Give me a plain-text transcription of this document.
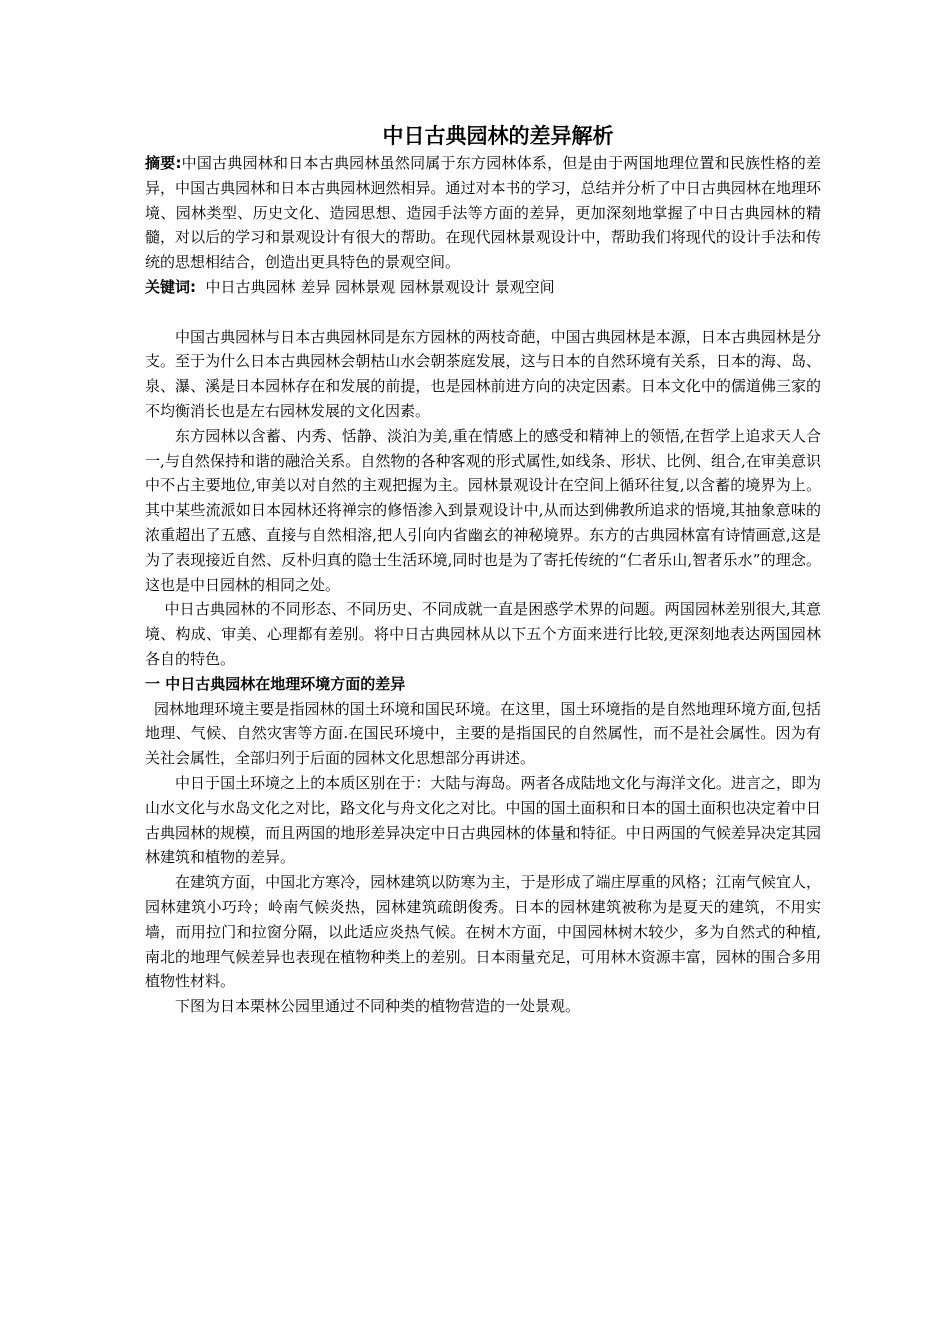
中日古典园林的差异解析

摘要:中国古典园林和日本古典园林虽然同属于东方园林体系，但是由于两国地理位置和民族性格的差异，中国古典园林和日本古典园林迥然相异。通过对本书的学习，总结并分析了中日古典园林在地理环境、园林类型、历史文化、造园思想、造园手法等方面的差异，更加深刻地掌握了中日古典园林的精髓，对以后的学习和景观设计有很大的帮助。在现代园林景观设计中，帮助我们将现代的设计手法和传统的思想相结合，创造出更具特色的景观空间。

关键词: 中日古典园林 差异 园林景观 园林景观设计 景观空间

中国古典园林与日本古典园林同是东方园林的两枝奇葩，中国古典园林是本源，日本古典园林是分支。至于为什么日本古典园林会朝枯山水会朝茶庭发展，这与日本的自然环境有关系，日本的海、岛、泉、瀑、溪是日本园林存在和发展的前提，也是园林前进方向的决定因素。日本文化中的儒道佛三家的不均衡消长也是左右园林发展的文化因素。

东方园林以含蓄、内秀、恬静、淡泊为美,重在情感上的感受和精神上的领悟,在哲学上追求天人合一,与自然保持和谐的融洽关系。自然物的各种客观的形式属性,如线条、形状、比例、组合,在审美意识中不占主要地位,审美以对自然的主观把握为主。园林景观设计在空间上循环往复,以含蓄的境界为上。其中某些流派如日本园林还将禅宗的修悟渗入到景观设计中,从而达到佛教所追求的悟境,其抽象意味的浓重超出了五感、直接与自然相溶,把人引向内省幽玄的神秘境界。东方的古典园林富有诗情画意,这是为了表现接近自然、反朴归真的隐士生活环境,同时也是为了寄托传统的“仁者乐山,智者乐水”的理念。这也是中日园林的相同之处。

中日古典园林的不同形态、不同历史、不同成就一直是困惑学术界的问题。两国园林差别很大,其意境、构成、审美、心理都有差别。将中日古典园林从以下五个方面来进行比较,更深刻地表达两国园林各自的特色。

一 中日古典园林在地理环境方面的差异

园林地理环境主要是指园林的国土环境和国民环境。在这里，国土环境指的是自然地理环境方面,包括地理、气候、自然灾害等方面.在国民环境中，主要的是指国民的自然属性，而不是社会属性。因为有关社会属性，全部归列于后面的园林文化思想部分再讲述。

中日于国土环境之上的本质区别在于：大陆与海岛。两者各成陆地文化与海洋文化。进言之，即为山水文化与水岛文化之对比，路文化与舟文化之对比。中国的国土面积和日本的国土面积也决定着中日古典园林的规模，而且两国的地形差异决定中日古典园林的体量和特征。中日两国的气候差异决定其园林建筑和植物的差异。

在建筑方面，中国北方寒冷，园林建筑以防寒为主，于是形成了端庄厚重的风格；江南气候宜人，园林建筑小巧玲；岭南气候炎热，园林建筑疏朗俊秀。日本的园林建筑被称为是夏天的建筑，不用实墙，而用拉门和拉窗分隔，以此适应炎热气候。在树木方面，中国园林树木较少，多为自然式的种植,南北的地理气候差异也表现在植物种类上的差别。日本雨量充足，可用林木资源丰富，园林的围合多用植物性材料。

下图为日本栗林公园里通过不同种类的植物营造的一处景观。
